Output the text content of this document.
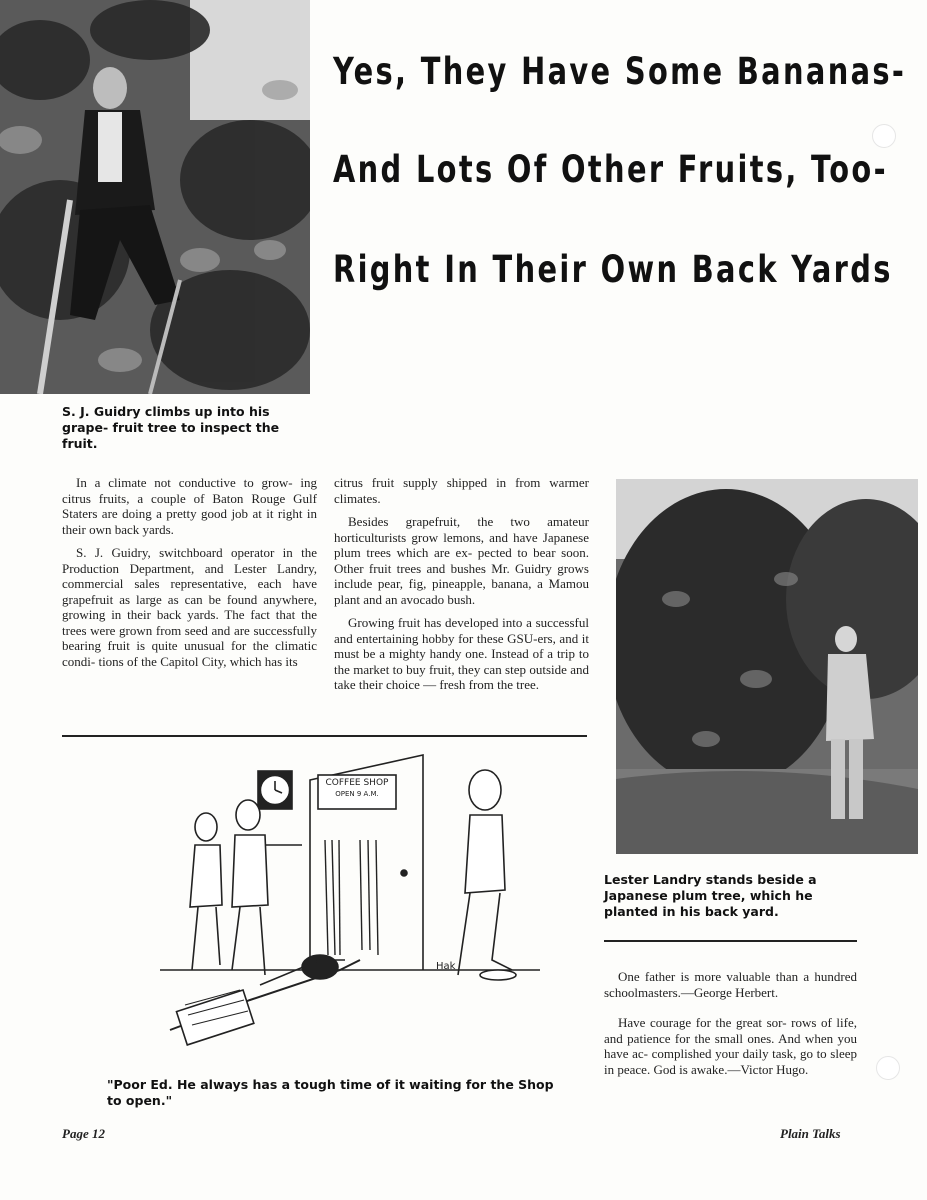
Yes, They Have Some Bananas-
And Lots Of Other Fruits, Too-
Right In Their Own Back Yards
S. J. Guidry climbs up into his grape- fruit tree to inspect the fruit.

In a climate not conductive to grow- ing citrus fruits, a couple of Baton Rouge Gulf Staters are doing a pretty good job at it right in their own back yards.

S. J. Guidry, switchboard operator in the Production Department, and Lester Landry, commercial sales representative, each have grapefruit as large as can be found anywhere, growing in their back yards. The fact that the trees were grown from seed and are successfully bearing fruit is quite unusual for the climatic condi- tions of the Capitol City, which has its

citrus fruit supply shipped in from warmer climates.

Besides grapefruit, the two amateur horticulturists grow lemons, and have Japanese plum trees which are ex- pected to bear soon. Other fruit trees and bushes Mr. Guidry grows include pear, fig, pineapple, banana, a Mamou plant and an avocado bush.

Growing fruit has developed into a successful and entertaining hobby for these GSU-ers, and it must be a mighty handy one. Instead of a trip to the market to buy fruit, they can step outside and take their choice — fresh from the tree.

Lester Landry stands beside a Japanese plum tree, which he planted in his back yard.
Hak
COFFEE SHOP
OPEN 9 A.M.
"Poor Ed. He always has a tough time of it waiting for the Shop to open."

One father is more valuable than a hundred schoolmasters.—George Herbert.

Have courage for the great sor- rows of life, and patience for the small ones. And when you have ac- complished your daily task, go to sleep in peace. God is awake.—Victor Hugo.

Page 12	Plain Talks
